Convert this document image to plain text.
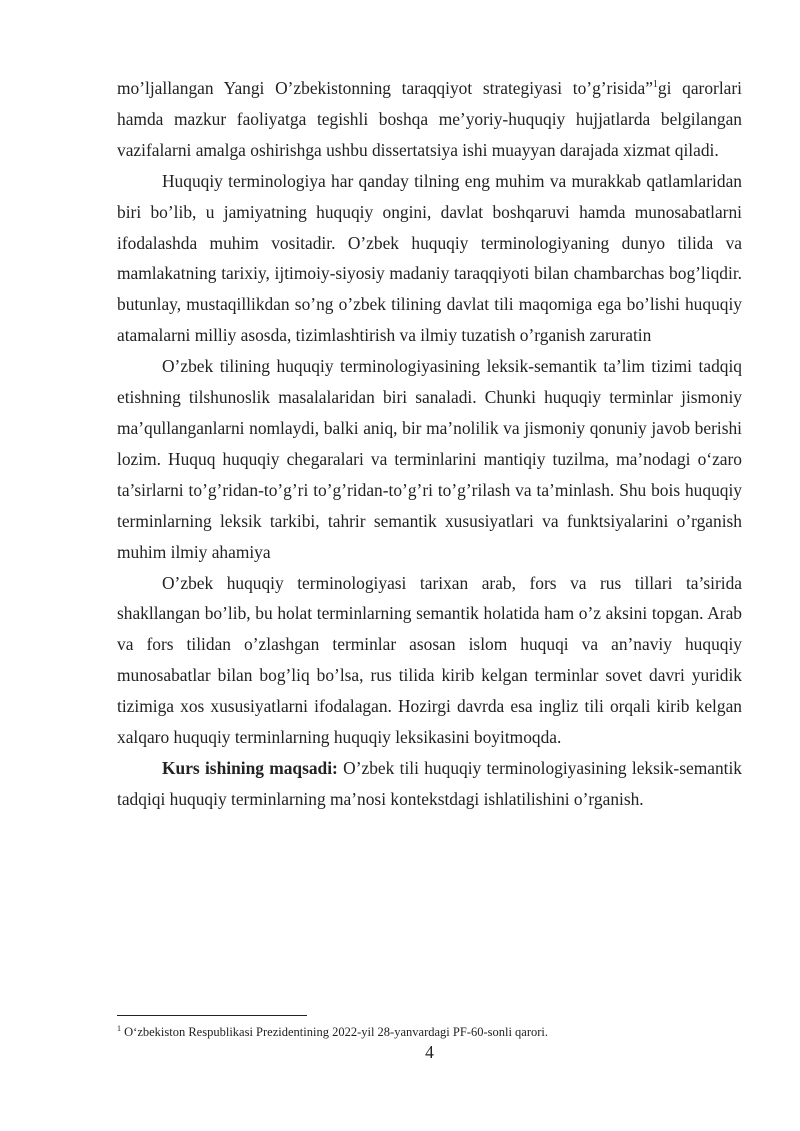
mo’ljallangan Yangi O’zbekistonning taraqqiyot strategiyasi to’g’risida”$^1$gi qarorlari hamda mazkur faoliyatga tegishli boshqa me’yoriy-huquqiy hujjatlarda belgilangan vazifalarni amalga oshirishga ushbu dissertatsiya ishi muayyan darajada xizmat qiladi.

Huquqiy terminologiya har qanday tilning eng muhim va murakkab qatlamlaridan biri bo’lib, u jamiyatning huquqiy ongini, davlat boshqaruvi hamda munosabatlarni ifodalashda muhim vositadir. O’zbek huquqiy terminologiyaning dunyo tilida va mamlakatning tarixiy, ijtimoiy-siyosiy madaniy taraqqiyoti bilan chambarchas bog’liqdir. butunlay, mustaqillikdan so’ng o’zbek tilining davlat tili maqomiga ega bo’lishi huquqiy atamalarni milliy asosda, tizimlashtirish va ilmiy tuzatish o’rganish zaruratin

O’zbek tilining huquqiy terminologiyasining leksik-semantik ta’lim tizimi tadqiq etishning tilshunoslik masalalaridan biri sanaladi. Chunki huquqiy terminlar jismoniy ma’qullanganlarni nomlaydi, balki aniq, bir ma’nolilik va jismoniy qonuniy javob berishi lozim. Huquq huquqiy chegaralari va terminlarini mantiqiy tuzilma, ma’nodagi o‘zaro ta’sirlarni to’g’ridan-to’g’ri to’g’ridan-to’g’ri to’g’rilash va ta’minlash. Shu bois huquqiy terminlarning leksik tarkibi, tahrir semantik xususiyatlari va funktsiyalarini o’rganish muhim ilmiy ahamiya

O’zbek huquqiy terminologiyasi tarixan arab, fors va rus tillari ta’sirida shakllangan bo’lib, bu holat terminlarning semantik holatida ham o’z aksini topgan. Arab va fors tilidan o’zlashgan terminlar asosan islom huquqi va an’naviy huquqiy munosabatlar bilan bog’liq bo’lsa, rus tilida kirib kelgan terminlar sovet davri yuridik tizimiga xos xususiyatlarni ifodalagan. Hozirgi davrda esa ingliz tili orqali kirib kelgan xalqaro huquqiy terminlarning huquqiy leksikasini boyitmoqda.

Kurs ishining maqsadi: O’zbek tili huquqiy terminologiyasining leksik-semantik tadqiqi huquqiy terminlarning ma’nosi kontekstdagi ishlatilishini o’rganish.

$^1$ O‘zbekiston Respublikasi Prezidentining 2022-yil 28-yanvardagi PF-60-sonli qarori.
4
